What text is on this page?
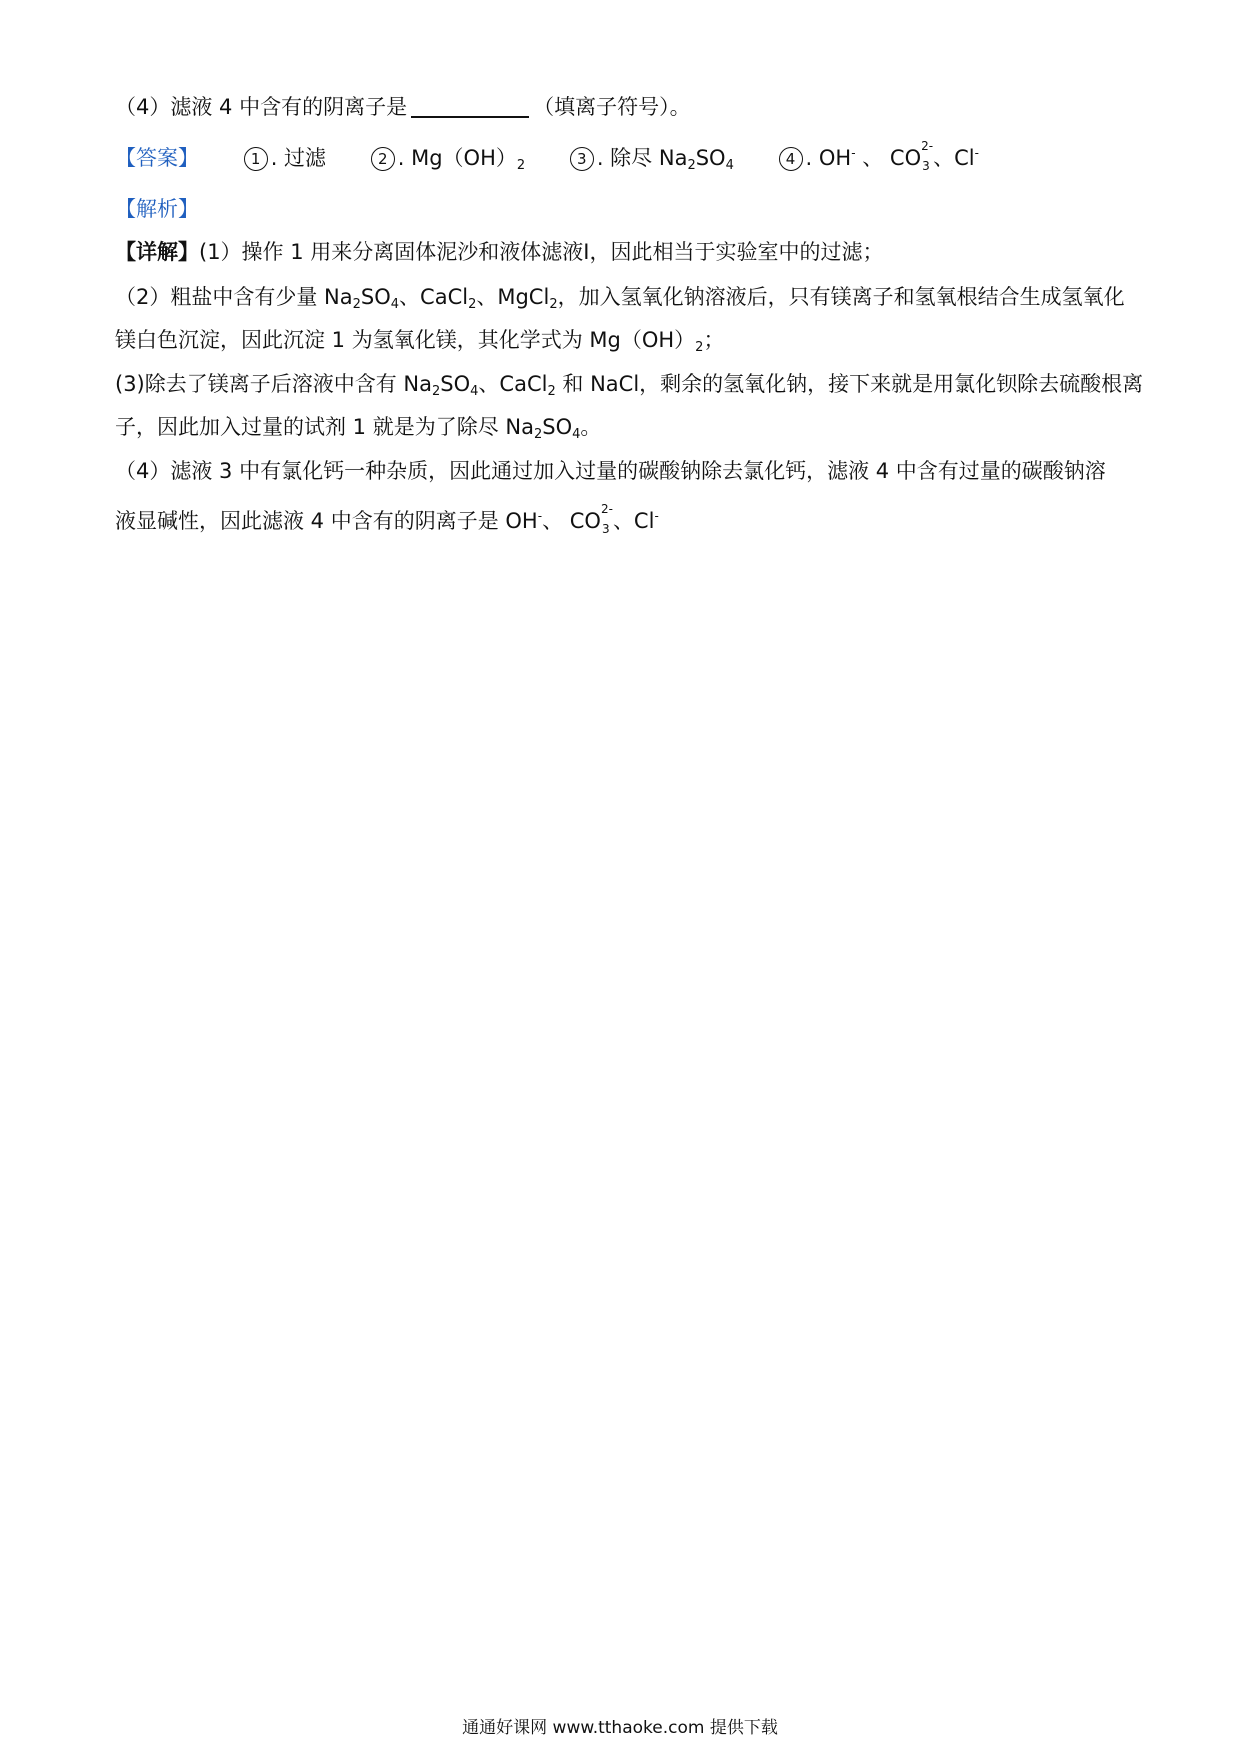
（4）滤液 4 中含有的阴离子是	（填离子符号）。
【答案】	1 . 过滤	2 . $Mg(OH)_2$	3 . 除尽 $Na_2SO_4$	4 . OH- 、 CO 2-
3 、Cl-
【解析】
【详解】(1）操作 1 用来分离固体泥沙和液体滤液Ⅰ，因此相当于实验室中的过滤；
（2）粗盐中含有少量 $Na_2SO_4$、CaCl$_2$、MgCl$_2$，加入氢氧化钠溶液后，只有镁离子和氢氧根结合生成氢氧化
镁白色沉淀，因此沉淀 1 为氢氧化镁，其化学式为 $Mg(OH)_2$；
(3)除去了镁离子后溶液中含有 $Na_2SO_4$、CaCl$_2$ 和 NaCl，剩余的氢氧化钠，接下来就是用氯化钡除去硫酸根离
子，因此加入过量的试剂 1 就是为了除尽 $Na_2SO_4$。
（4）滤液 3 中有氯化钙一种杂质，因此通过加入过量的碳酸钠除去氯化钙，滤液 4 中含有过量的碳酸钠溶
液显碱性，因此滤液 4 中含有的阴离子是 OH-、 CO 2-
3 、Cl-
通通好课网 www.tthaoke.com 提供下载
